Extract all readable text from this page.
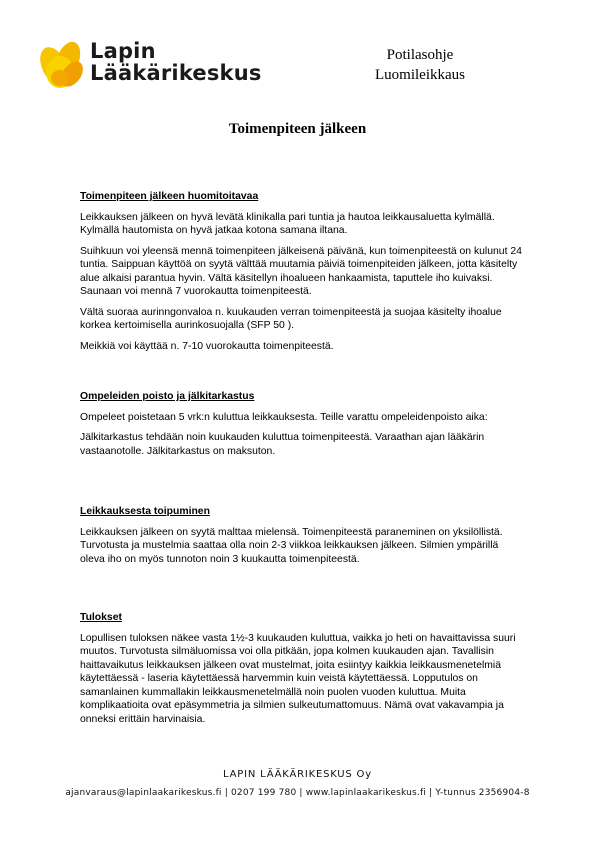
Lapin
Lääkärikeskus
Potilasohje
Luomileikkaus
Toimenpiteen jälkeen
Toimenpiteen jälkeen huomitoitavaa

Leikkauksen jälkeen on hyvä levätä klinikalla pari tuntia ja hautoa leikkausaluetta kylmällä. Kylmällä hautomista on hyvä jatkaa kotona samana iltana.

Suihkuun voi yleensä mennä toimenpiteen jälkeisenä päivänä, kun toimenpiteestä on kulunut 24 tuntia. Saippuan käyttöä on syytä välttää muutamia päiviä toimenpiteiden jälkeen, jotta käsitelty alue alkaisi parantua hyvin. Vältä käsitellyn ihoalueen hankaamista, taputtele iho kuivaksi. Saunaan voi mennä 7 vuorokautta toimenpiteestä.

Vältä suoraa aurinngonvaloa n. kuukauden verran toimenpiteestä ja suojaa käsitelty ihoalue korkea kertoimisella aurinkosuojalla (SFP 50 ).

Meikkiä voi käyttää n. 7-10 vuorokautta toimenpiteestä.

Ompeleiden poisto ja jälkitarkastus

Ompeleet poistetaan 5 vrk:n kuluttua leikkauksesta. Teille varattu ompeleidenpoisto aika:

Jälkitarkastus tehdään noin kuukauden kuluttua toimenpiteestä. Varaathan ajan lääkärin vastaanotolle. Jälkitarkastus on maksuton.

Leikkauksesta toipuminen

Leikkauksen jälkeen on syytä malttaa mielensä. Toimenpiteestä paraneminen on yksilöllistä. Turvotusta ja mustelmia saattaa olla noin 2-3 viikkoa leikkauksen jälkeen. Silmien ympärillä oleva iho on myös tunnoton noin 3 kuukautta toimenpiteestä.

Tulokset

Lopullisen tuloksen näkee vasta 1½-3 kuukauden kuluttua, vaikka jo heti on havaittavissa suuri muutos. Turvotusta silmäluomissa voi olla pitkään, jopa kolmen kuukauden ajan. Tavallisin haittavaikutus leikkauksen jälkeen ovat mustelmat, joita esiintyy kaikkia leikkausmenetelmiä käytettäessä - laseria käytettäessä harvemmin kuin veistä käytettäessä. Lopputulos on samanlainen kummallakin leikkausmenetelmällä noin puolen vuoden kuluttua. Muita komplikaatioita ovat epäsymmetria ja silmien sulkeutumattomuus. Nämä ovat vakavampia ja onneksi erittäin harvinaisia.

LAPIN LÄÄKÄRIKESKUS Oy
ajanvaraus@lapinlaakarikeskus.fi | 0207 199 780 | www.lapinlaakarikeskus.fi | Y-tunnus 2356904-8
